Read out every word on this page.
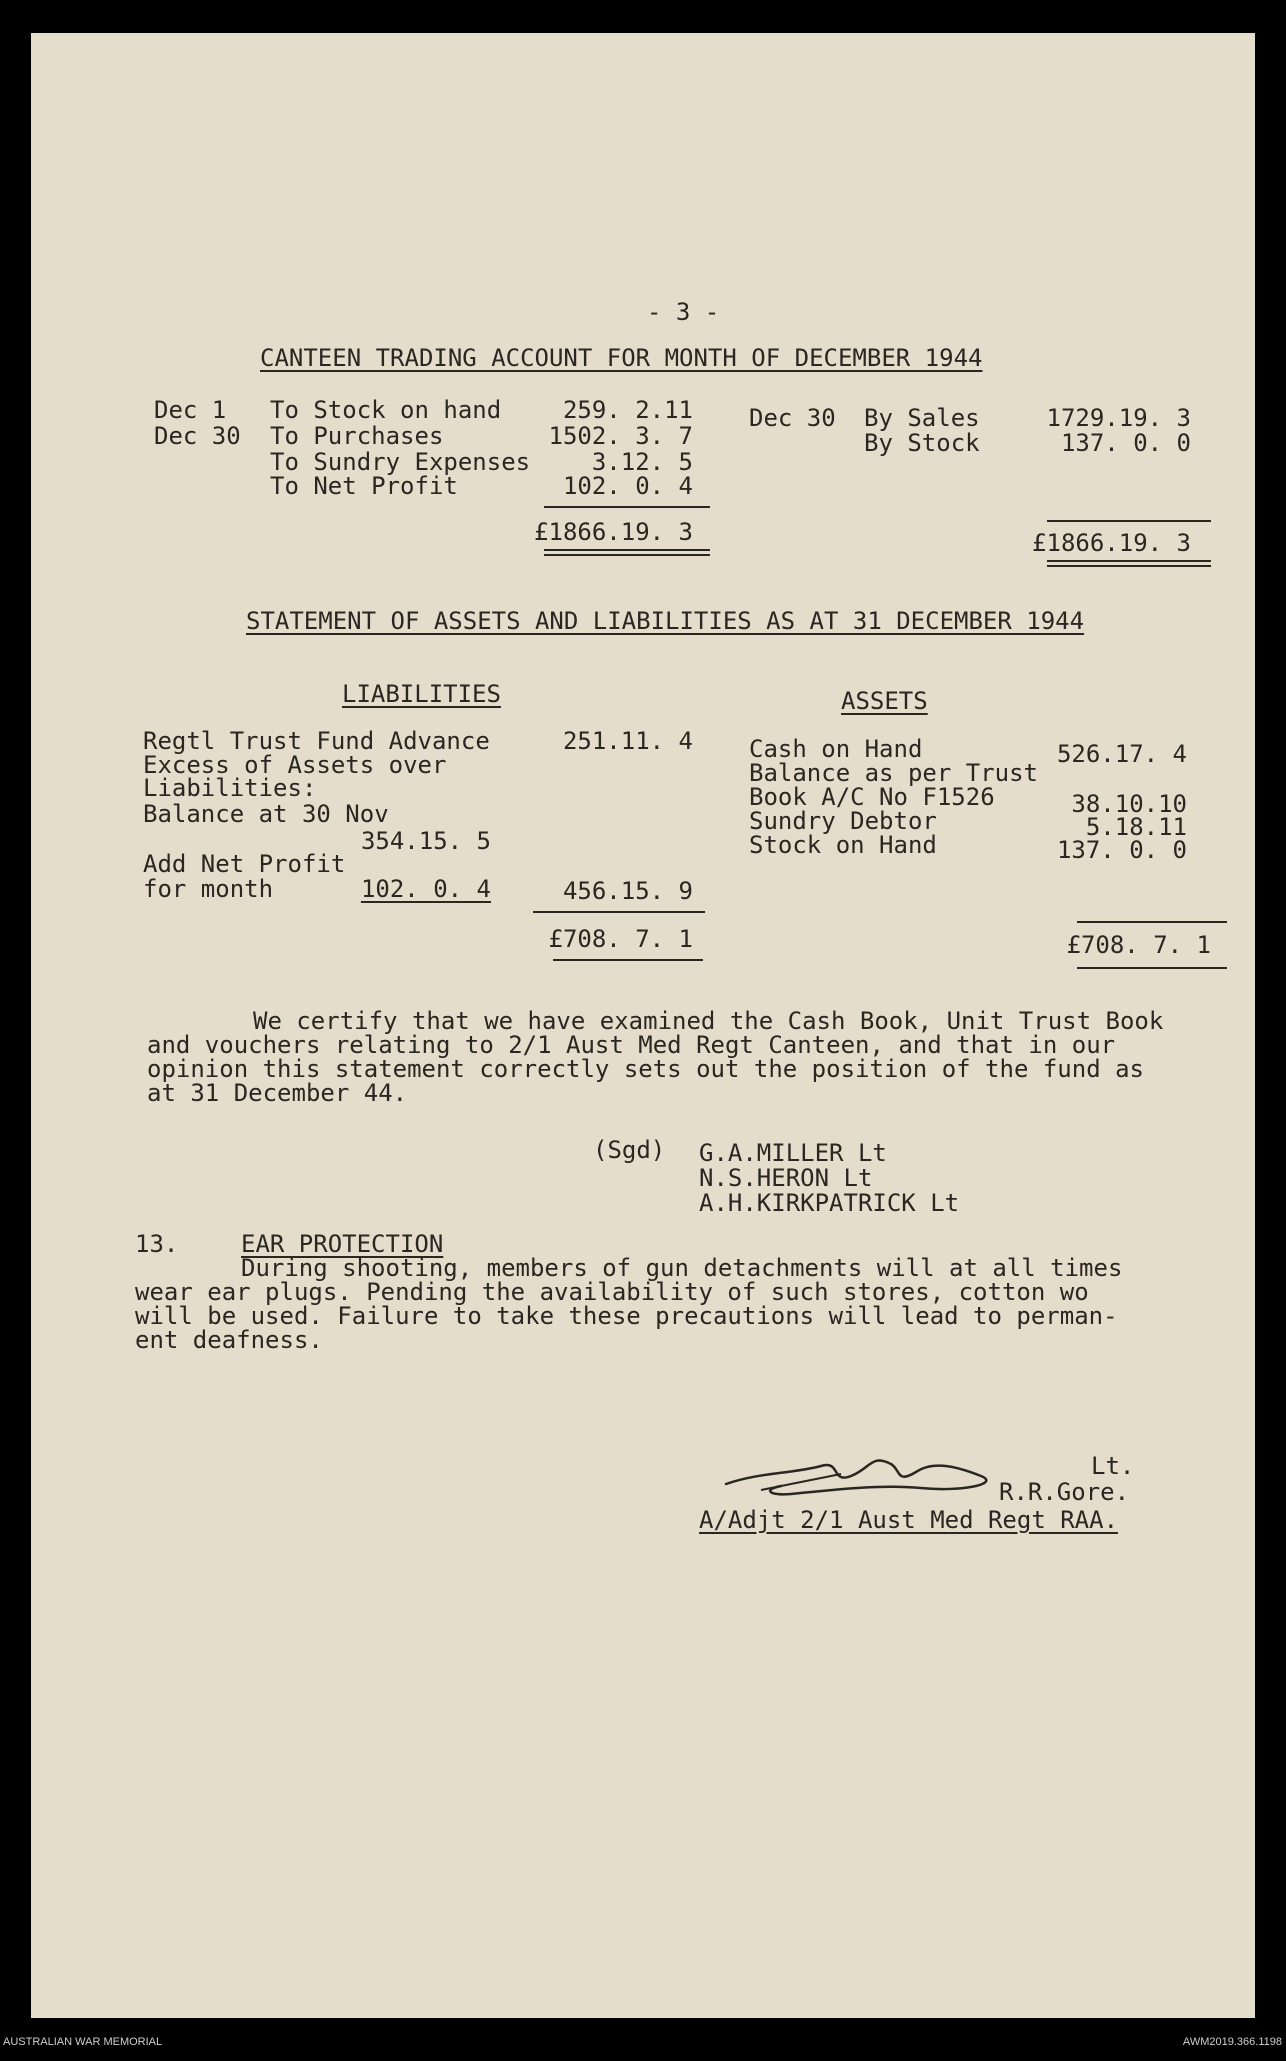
- 3 -
CANTEEN TRADING ACCOUNT FOR MONTH OF DECEMBER 1944
Dec 1 To Stock on hand	259. 2.11
Dec 30 To Purchases	1502. 3. 7
To Sundry Expenses	3.12. 5
To Net Profit	102. 0. 4
£1866.19. 3
Dec 30 By Sales	1729.19. 3
By Stock	137. 0. 0
£1866.19. 3
STATEMENT OF ASSETS AND LIABILITIES AS AT 31 DECEMBER 1944
LIABILITIES	ASSETS
Regtl Trust Fund Advance	251.11. 4
Excess of Assets over
Liabilities:
Balance at 30 Nov
354.15. 5
Add Net Profit
for month	102. 0. 4	456.15. 9
£708. 7. 1
Cash on Hand	526.17. 4
Balance as per Trust
Book A/C No F1526	38.10.10
Sundry Debtor	5.18.11
Stock on Hand	137. 0. 0
£708. 7. 1
We certify that we have examined the Cash Book, Unit Trust Book
and vouchers relating to 2/1 Aust Med Regt Canteen, and that in our
opinion this statement correctly sets out the position of the fund as
at 31 December 44.
(Sgd) G.A.MILLER Lt
N.S.HERON Lt
A.H.KIRKPATRICK Lt
13.	EAR PROTECTION
During shooting, members of gun detachments will at all times
wear ear plugs. Pending the availability of such stores, cotton wo
will be used. Failure to take these precautions will lead to perman-
ent deafness.
Lt.
R.R.Gore.
A/Adjt 2/1 Aust Med Regt RAA.
AUSTRALIAN WAR MEMORIAL	AWM2019.366.1198
